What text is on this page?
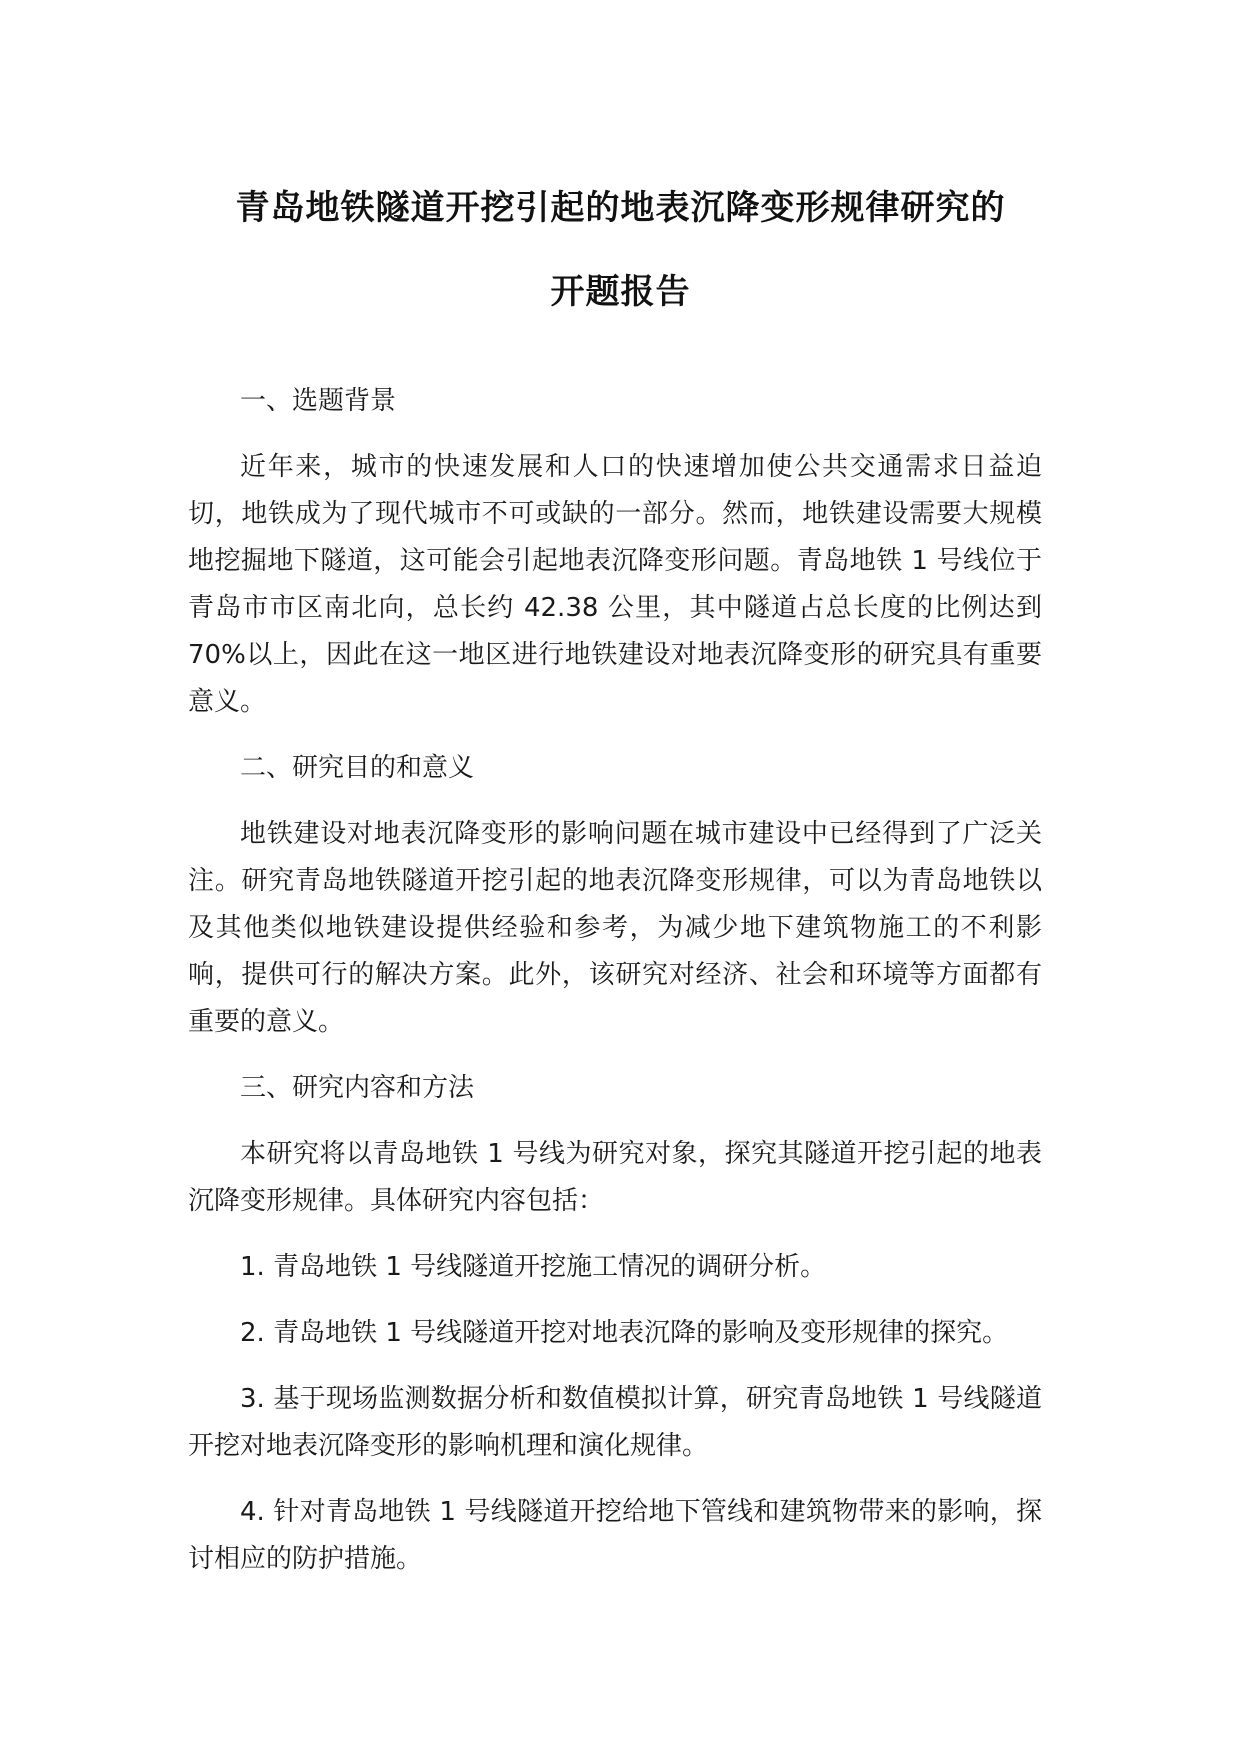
青岛地铁隧道开挖引起的地表沉降变形规律研究的
开题报告

一、选题背景

近年来，城市的快速发展和人口的快速增加使公共交通需求日益迫切，地铁成为了现代城市不可或缺的一部分。然而，地铁建设需要大规模地挖掘地下隧道，这可能会引起地表沉降变形问题。青岛地铁 1 号线位于青岛市市区南北向，总长约 42.38 公里，其中隧道占总长度的比例达到 70%以上，因此在这一地区进行地铁建设对地表沉降变形的研究具有重要意义。

二、研究目的和意义

地铁建设对地表沉降变形的影响问题在城市建设中已经得到了广泛关注。研究青岛地铁隧道开挖引起的地表沉降变形规律，可以为青岛地铁以及其他类似地铁建设提供经验和参考，为减少地下建筑物施工的不利影响，提供可行的解决方案。此外，该研究对经济、社会和环境等方面都有重要的意义。

三、研究内容和方法

本研究将以青岛地铁 1 号线为研究对象，探究其隧道开挖引起的地表沉降变形规律。具体研究内容包括：

1. 青岛地铁 1 号线隧道开挖施工情况的调研分析。

2. 青岛地铁 1 号线隧道开挖对地表沉降的影响及变形规律的探究。

3. 基于现场监测数据分析和数值模拟计算，研究青岛地铁 1 号线隧道开挖对地表沉降变形的影响机理和演化规律。

4. 针对青岛地铁 1 号线隧道开挖给地下管线和建筑物带来的影响，探讨相应的防护措施。
